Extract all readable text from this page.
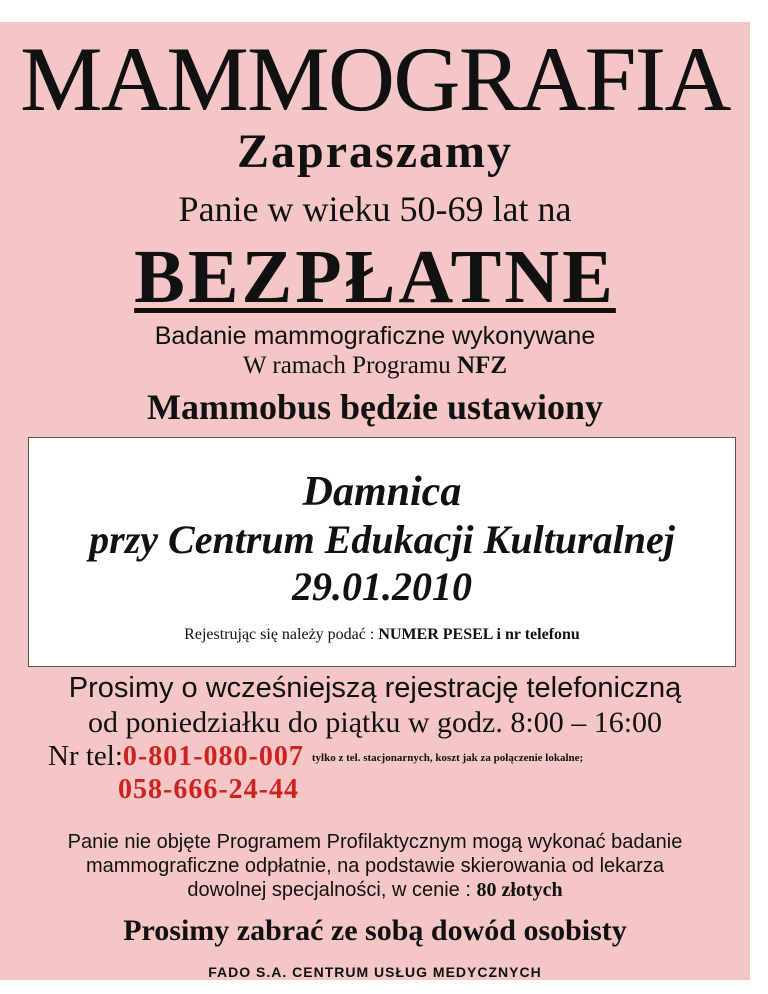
MAMMOGRAFIA
Zapraszamy
Panie w wieku 50-69 lat na
BEZPŁATNE
Badanie mammograficzne wykonywane
W ramach Programu NFZ
Mammobus będzie ustawiony
Damnica
przy Centrum Edukacji Kulturalnej
29.01.2010
Rejestrując się należy podać : NUMER PESEL i nr telefonu
Prosimy o wcześniejszą rejestrację telefoniczną
od poniedziałku do piątku w godz. 8:00 – 16:00
Nr tel:0-801-080-007 $^{tylko z tel. stacjonarnych, koszt jak za połączenie lokalne;}$
058-666-24-44
Panie nie objęte Programem Profilaktycznym mogą wykonać badanie mammograficzne odpłatnie, na podstawie skierowania od lekarza dowolnej specjalności, w cenie : 80 złotych
Prosimy zabrać ze sobą dowód osobisty
FADO S.A. CENTRUM USŁUG MEDYCZNYCH
